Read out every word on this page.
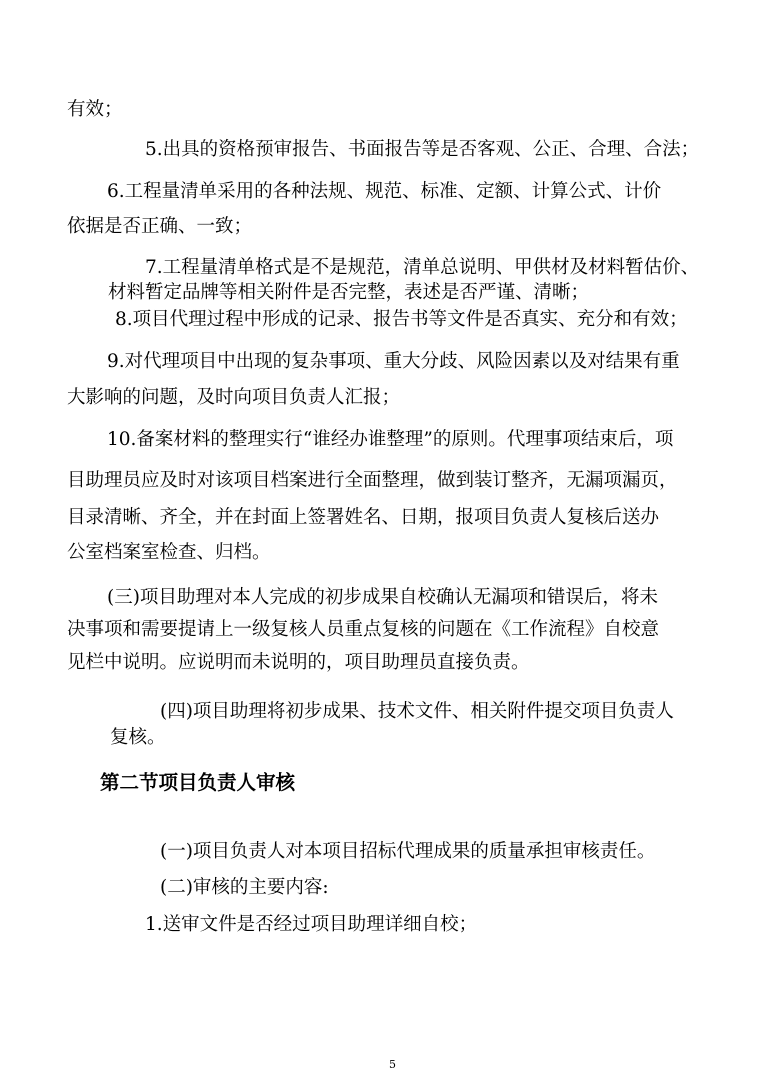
有效；
5.出具的资格预审报告、书面报告等是否客观、公正、合理、合法；
6.工程量清单采用的各种法规、规范、标准、定额、计算公式、计价
依据是否正确、一致；
7.工程量清单格式是不是规范，清单总说明、甲供材及材料暂估价、
材料暂定品牌等相关附件是否完整，表述是否严谨、清晰；
8.项目代理过程中形成的记录、报告书等文件是否真实、充分和有效；
9.对代理项目中出现的复杂事项、重大分歧、风险因素以及对结果有重
大影响的问题，及时向项目负责人汇报；
10.备案材料的整理实行“谁经办谁整理”的原则。代理事项结束后，项
目助理员应及时对该项目档案进行全面整理，做到装订整齐，无漏项漏页，
目录清晰、齐全，并在封面上签署姓名、日期，报项目负责人复核后送办
公室档案室检查、归档。
(三)项目助理对本人完成的初步成果自校确认无漏项和错误后，将未
决事项和需要提请上一级复核人员重点复核的问题在《工作流程》自校意
见栏中说明。应说明而未说明的，项目助理员直接负责。
(四)项目助理将初步成果、技术文件、相关附件提交项目负责人
复核。
第二节项目负责人审核
(一)项目负责人对本项目招标代理成果的质量承担审核责任。
(二)审核的主要内容:
1.送审文件是否经过项目助理详细自校；
5
